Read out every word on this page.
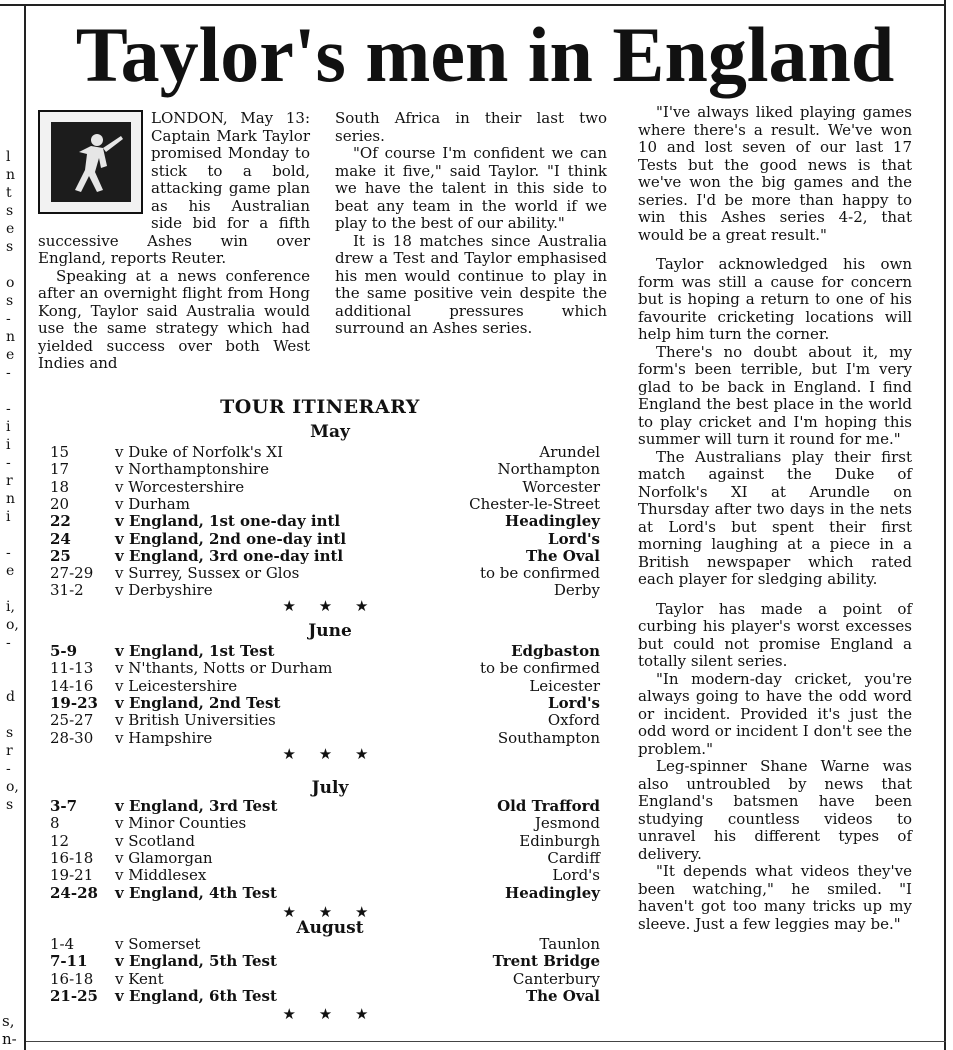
l
n
t
s
e
s
o
s
-
n
e
-
-
i
i
-
r
n
i
-
e
i,
o,
-
d
s
r
-
o,
s
s,
n-
Taylor's men in England

LONDON, May 13: Captain Mark Taylor promised Monday to stick to a bold, attacking game plan as his Australian side bid for a fifth successive Ashes win over England, reports Reuter.

Speaking at a news conference after an overnight flight from Hong Kong, Taylor said Australia would use the same strategy which had yielded success over both West Indies and

South Africa in their last two series.

"Of course I'm confident we can make it five," said Taylor. "I think we have the talent in this side to beat any team in the world if we play to the best of our ability."

It is 18 matches since Australia drew a Test and Taylor emphasised his men would continue to play in the same positive vein despite the additional pressures which surround an Ashes series.

"I've always liked playing games where there's a result. We've won 10 and lost seven of our last 17 Tests but the good news is that we've won the big games and the series. I'd be more than happy to win this Ashes series 4-2, that would be a great result."

Taylor acknowledged his own form was still a cause for concern but is hoping a return to one of his favourite cricketing locations will help him turn the corner.

There's no doubt about it, my form's been terrible, but I'm very glad to be back in England. I find England the best place in the world to play cricket and I'm hoping this summer will turn it round for me."

The Australians play their first match against the Duke of Norfolk's XI at Arundle on Thursday after two days in the nets at Lord's but spent their first morning laughing at a piece in a British newspaper which rated each player for sledging ability.

Taylor has made a point of curbing his player's worst excesses but could not promise England a totally silent series.

"In modern-day cricket, you're always going to have the odd word or incident. Provided it's just the odd word or incident I don't see the problem."

Leg-spinner Shane Warne was also untroubled by news that England's batsmen have been studying countless videos to unravel his different types of delivery.

"It depends what videos they've been watching," he smiled. "I haven't got too many tricks up my sleeve. Just a few leggies may be."

TOUR ITINERARY
May
15	v Duke of Norfolk's XI	Arundel
17	v Northamptonshire	Northampton
18	v Worcestershire	Worcester
20	v Durham	Chester-le-Street
22	v England, 1st one-day intl	Headingley
24	v England, 2nd one-day intl	Lord's
25	v England, 3rd one-day intl	The Oval
27-29	v Surrey, Sussex or Glos	to be confirmed
31-2	v Derbyshire	Derby
★ ★ ★
June
5-9	v England, 1st Test	Edgbaston
11-13	v N'thants, Notts or Durham	to be confirmed
14-16	v Leicestershire	Leicester
19-23	v England, 2nd Test	Lord's
25-27	v British Universities	Oxford
28-30	v Hampshire	Southampton
★ ★ ★
July
3-7	v England, 3rd Test	Old Trafford
8	v Minor Counties	Jesmond
12	v Scotland	Edinburgh
16-18	v Glamorgan	Cardiff
19-21	v Middlesex	Lord's
24-28	v England, 4th Test	Headingley
★ ★ ★
August
1-4	v Somerset	Taunlon
7-11	v England, 5th Test	Trent Bridge
16-18	v Kent	Canterbury
21-25	v England, 6th Test	The Oval
★ ★ ★
